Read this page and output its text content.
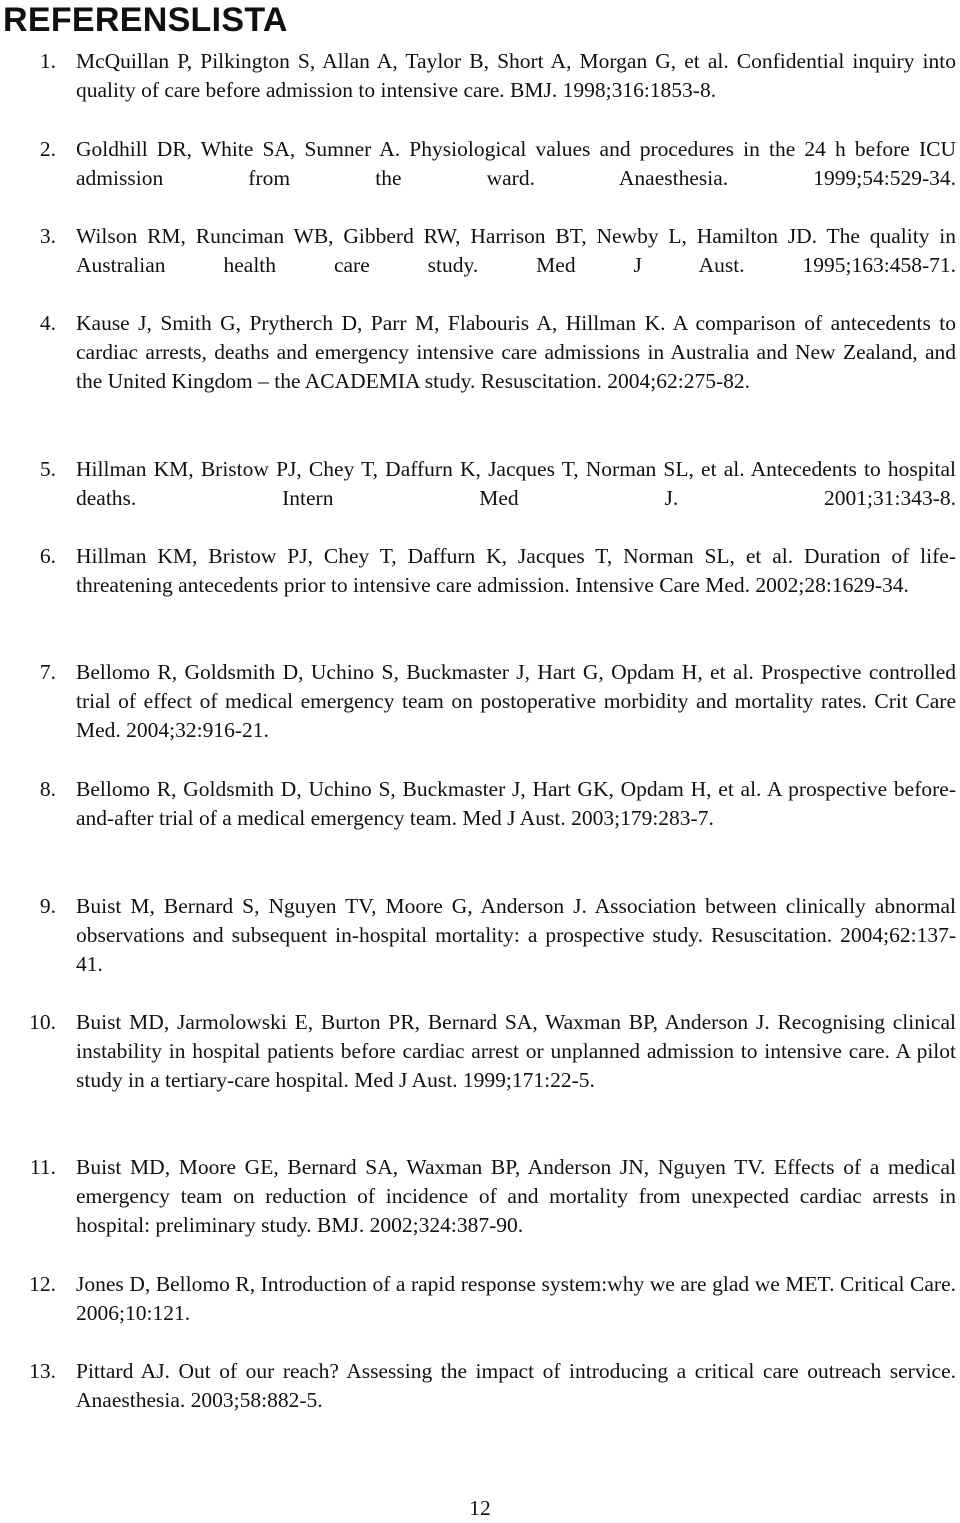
REFERENSLISTA
1. McQuillan P, Pilkington S, Allan A, Taylor B, Short A, Morgan G, et al. Confidential inquiry into quality of care before admission to intensive care. BMJ. 1998;316:1853-8.
2. Goldhill DR, White SA, Sumner A. Physiological values and procedures in the 24 h before ICU admission from the ward. Anaesthesia. 1999;54:529-34.
3. Wilson RM, Runciman WB, Gibberd RW, Harrison BT, Newby L, Hamilton JD. The quality in Australian health care study. Med J Aust. 1995;163:458-71.
4. Kause J, Smith G, Prytherch D, Parr M, Flabouris A, Hillman K. A comparison of antecedents to cardiac arrests, deaths and emergency intensive care admissions in Australia and New Zealand, and the United Kingdom – the ACADEMIA study. Resuscitation. 2004;62:275-82.
5. Hillman KM, Bristow PJ, Chey T, Daffurn K, Jacques T, Norman SL, et al. Antecedents to hospital deaths. Intern Med J. 2001;31:343-8.
6. Hillman KM, Bristow PJ, Chey T, Daffurn K, Jacques T, Norman SL, et al. Duration of life-threatening antecedents prior to intensive care admission. Intensive Care Med. 2002;28:1629-34.
7. Bellomo R, Goldsmith D, Uchino S, Buckmaster J, Hart G, Opdam H, et al. Prospective controlled trial of effect of medical emergency team on postoperative morbidity and mortality rates. Crit Care Med. 2004;32:916-21.
8. Bellomo R, Goldsmith D, Uchino S, Buckmaster J, Hart GK, Opdam H, et al. A prospective before-and-after trial of a medical emergency team. Med J Aust. 2003;179:283-7.
9. Buist M, Bernard S, Nguyen TV, Moore G, Anderson J. Association between clinically abnormal observations and subsequent in-hospital mortality: a prospective study. Resuscitation. 2004;62:137-41.
10. Buist MD, Jarmolowski E, Burton PR, Bernard SA, Waxman BP, Anderson J. Recognising clinical instability in hospital patients before cardiac arrest or unplanned admission to intensive care. A pilot study in a tertiary-care hospital. Med J Aust. 1999;171:22-5.
11. Buist MD, Moore GE, Bernard SA, Waxman BP, Anderson JN, Nguyen TV. Effects of a medical emergency team on reduction of incidence of and mortality from unexpected cardiac arrests in hospital: preliminary study. BMJ. 2002;324:387-90.
12. Jones D, Bellomo R, Introduction of a rapid response system:why we are glad we MET. Critical Care. 2006;10:121.
13. Pittard AJ. Out of our reach? Assessing the impact of introducing a critical care outreach service. Anaesthesia. 2003;58:882-5.
12
